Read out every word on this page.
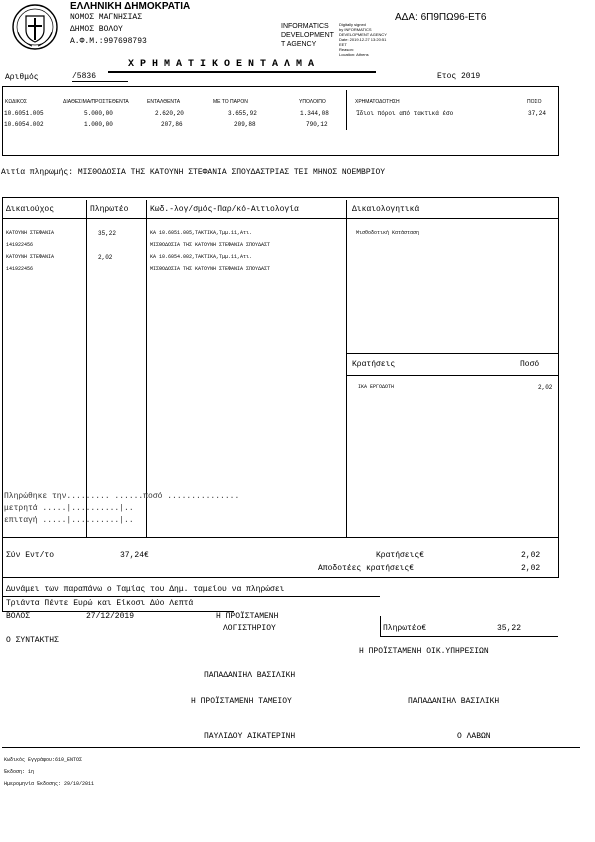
ΕΛΛΗΝΙΚΗ ΔΗΜΟΚΡΑΤΙΑ
ΝΟΜΟΣ ΜΑΓΝΗΣΙΑΣ
ΔΗΜΟΣ ΒΟΛΟΥ
Α.Φ.Μ.:997698793
INFORMATICS
DEVELOPMENT
T AGENCY
Digitally signed
by INFORMATICS
DEVELOPMENT AGENCY
Date: 2019.12.27 13:20:51
EET
Reason:
Location: Athens
ΑΔΑ: 6Π9ΠΩ96-ΕΤ6
Χ Ρ Η Μ Α Τ Ι Κ Ο Ε Ν Τ Α Λ Μ Α
Αριθμός	/5836	Ετος 2019
ΚΩΔΙΚΟΣ	ΔΙΑΘΕΣΙΜΑ/ΠΡΟΣΤΕΘΕΝΤΑ	ΕΝΤΑΛΘΕΝΤΑ	ΜΕ ΤΟ ΠΑΡΟΝ	ΥΠΟΛΟΙΠΟ	ΧΡΗΜΑΤΟΔΟΤΗΣΗ	ΠΟΣΟ
10.6051.005	5.000,00	2.620,20	3.655,92	1.344,08
10.6054.002	1.000,00	207,86	209,88	790,12
Ίδιοι πόροι από τακτικά έσο	37,24
Αιτία πληρωμής: ΜΙΣΘΟΔΟΣΙΑ ΤΗΣ ΚΑΤΟΥΝΗ ΣΤΕΦΑΝΙΑ ΣΠΟΥΔΑΣΤΡΙΑΣ ΤΕΙ ΜΗΝΟΣ ΝΟΕΜΒΡΙΟΥ
Δικαιούχος	Πληρωτέο	Κωδ.-λογ/σμός-Παρ/κό-Αιτιολογία	Δικαιολογητικά
ΚΑΤΟΥΝΗ ΣΤΕΦΑΝΙΑ	35,22	ΚΑ 10.6051.005,ΤΑΚΤΙΚΑ,Τμμ.11,Ατι.	Μισθοδοτική Κατάσταση
141922456	ΜΙΣΘΟΔΟΣΙΑ ΤΗΣ ΚΑΤΟΥΝΗ ΣΤΕΦΑΝΙΑ ΣΠΟΥΔΑΣΤ
ΚΑΤΟΥΝΗ ΣΤΕΦΑΝΙΑ	2,02	ΚΑ 10.6054.002,ΤΑΚΤΙΚΑ,Τμμ.11,Ατι.
141922456	ΜΙΣΘΟΔΟΣΙΑ ΤΗΣ ΚΑΤΟΥΝΗ ΣΤΕΦΑΝΙΑ ΣΠΟΥΔΑΣΤ
Κρατήσεις	Ποσό
ΙΚΑ ΕΡΓΟΔΟΤΗ	2,02
Πληρώθηκε την......... ......ποσό ...............
μετρητά .....|..........|..
επιταγή .....|..........|..
Σύν Εντ/το	37,24€	Κρατήσεις€	2,02
Αποδοτέες κρατήσεις€	2,02
Δυνάμει των παραπάνω ο Ταμίας του Δημ. ταμείου να πληρώσει
Τριάντα Πέντε Ευρώ και Είκοσι Δύο Λεπτά
ΒΟΛΟΣ	27/12/2019	Η ΠΡΟΪΣΤΑΜΕΝΗ
ΛΟΓΙΣΤΗΡΙΟΥ	Πληρωτέο€	35,22
Ο ΣΥΝΤΑΚΤΗΣ
Η ΠΡΟΪΣΤΑΜΕΝΗ ΟΙΚ.ΥΠΗΡΕΣΙΩΝ
ΠΑΠΑΔΑΝΙΗΛ ΒΑΣΙΛΙΚΗ
Η ΠΡΟΪΣΤΑΜΕΝΗ ΤΑΜΕΙΟΥ	ΠΑΠΑΔΑΝΙΗΛ ΒΑΣΙΛΙΚΗ
ΠΑΥΛΙΔΟΥ ΑΙΚΑΤΕΡΙΝΗ	Ο ΛΑΒΩΝ
Κωδικός Εγγράφου:610_ΕΝΤΟΣ
Έκδοση: 1η
Ημερομηνία Έκδοσης: 29/10/2011
